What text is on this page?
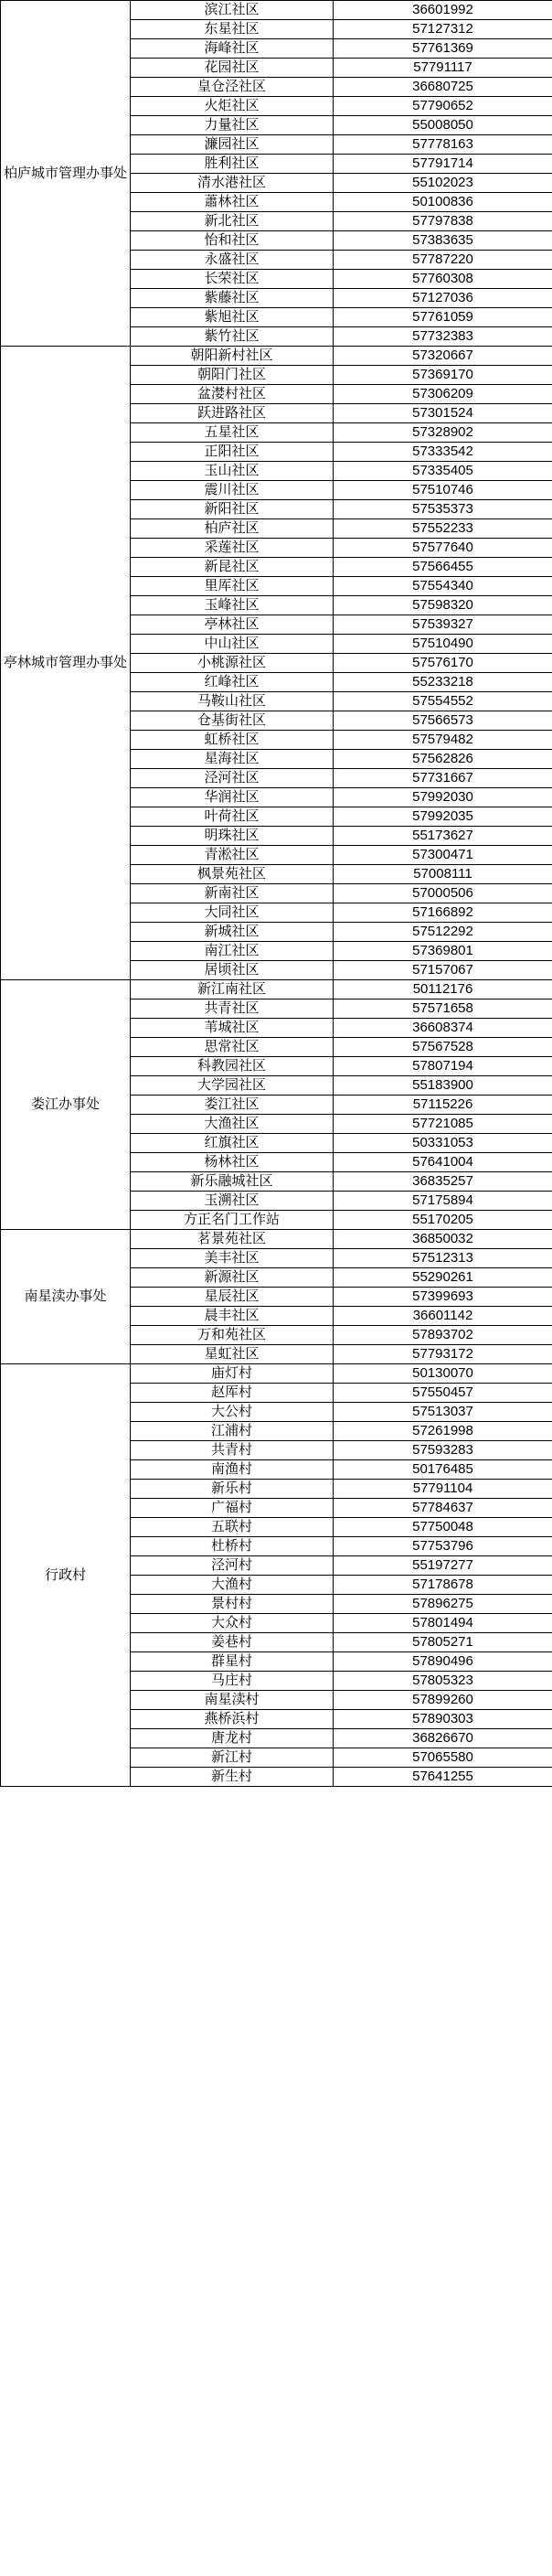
柏庐城市管理办事处	滨江社区	36601992
	东星社区	57127312
	海峰社区	57761369
	花园社区	57791117
	皇仓泾社区	36680725
	火炬社区	57790652
	力量社区	55008050
	濂园社区	57778163
	胜利社区	57791714
	清水港社区	55102023
	蕭林社区	50100836
	新北社区	57797838
	怡和社区	57383635
	永盛社区	57787220
	长荣社区	57760308
	紫藤社区	57127036
	紫旭社区	57761059
	紫竹社区	57732383
亭林城市管理办事处	朝阳新村社区	57320667
	朝阳门社区	57369170
	盆漤村社区	57306209
	跃进路社区	57301524
	五星社区	57328902
	正阳社区	57333542
	玉山社区	57335405
	震川社区	57510746
	新阳社区	57535373
	柏庐社区	57552233
	采莲社区	57577640
	新昆社区	57566455
	里厍社区	57554340
	玉峰社区	57598320
	亭林社区	57539327
	中山社区	57510490
	小桃源社区	57576170
	红峰社区	55233218
	马鞍山社区	57554552
	仓基街社区	57566573
	虹桥社区	57579482
	星海社区	57562826
	泾河社区	57731667
	华润社区	57992030
	叶荷社区	57992035
	明珠社区	55173627
	青淞社区	57300471
	枫景苑社区	57008111
	新南社区	57000506
	大同社区	57166892
	新城社区	57512292
	南江社区	57369801
	居顷社区	57157067
娄江办事处	新江南社区	50112176
	共青社区	57571658
	苇城社区	36608374
	思常社区	57567528
	科教园社区	57807194
	大学园社区	55183900
	娄江社区	57115226
	大渔社区	57721085
	红旗社区	50331053
	杨林社区	57641004
	新乐融城社区	36835257
	玉溯社区	57175894
	方正名门工作站	55170205
南星渎办事处	茗景苑社区	36850032
	美丰社区	57512313
	新源社区	55290261
	星辰社区	57399693
	晨丰社区	36601142
	万和苑社区	57893702
	星虹社区	57793172
行政村	庙灯村	50130070
	赵厍村	57550457
	大公村	57513037
	江浦村	57261998
	共青村	57593283
	南渔村	50176485
	新乐村	57791104
	广福村	57784637
	五联村	57750048
	杜桥村	57753796
	泾河村	55197277
	大渔村	57178678
	景村村	57896275
	大众村	57801494
	姜巷村	57805271
	群星村	57890496
	马庄村	57805323
	南星渎村	57899260
	燕桥浜村	57890303
	唐龙村	36826670
	新江村	57065580
	新生村	57641255
